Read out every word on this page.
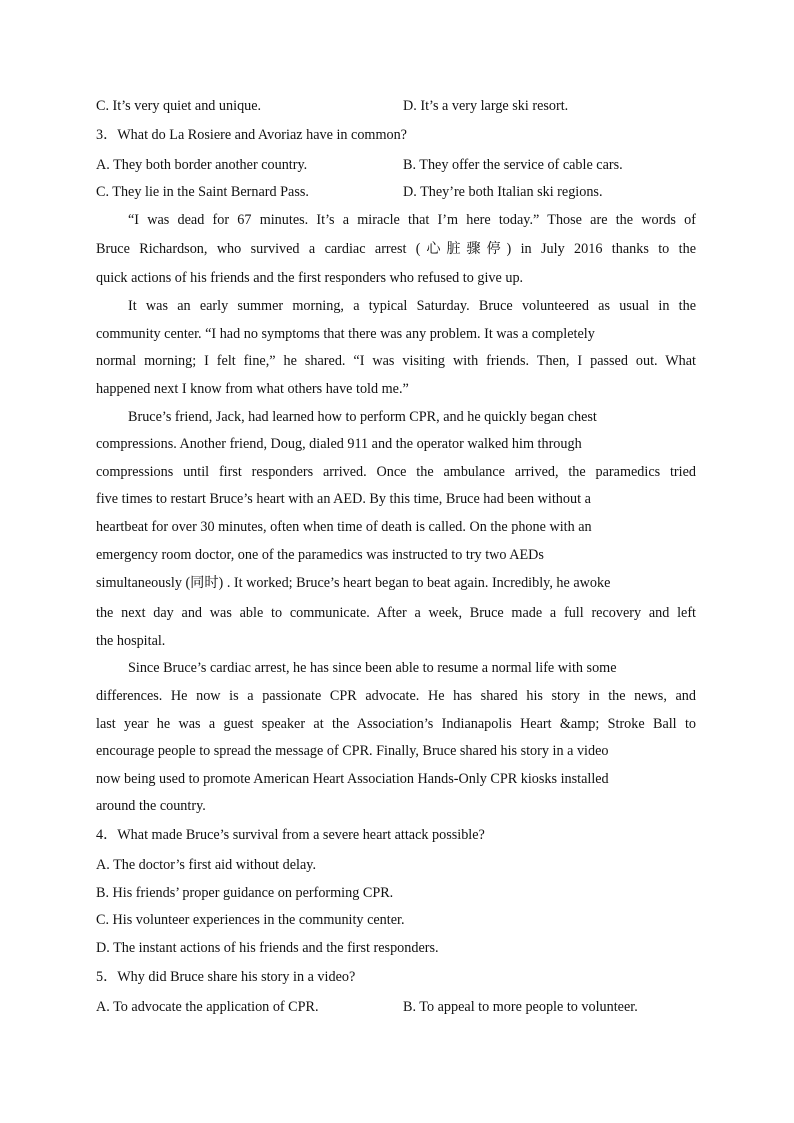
C. It’s very quiet and unique.	D. It’s a very large ski resort.
3．What do La Rosiere and Avoriaz have in common?
A. They both border another country.	B. They offer the service of cable cars.
C. They lie in the Saint Bernard Pass.	D. They’re both Italian ski regions.
“I was dead for 67 minutes. It’s a miracle that I’m here today.” Those are the words of
Bruce Richardson, who survived a cardiac arrest (心脏骤停) in July 2016 thanks to the
quick actions of his friends and the first responders who refused to give up.
It was an early summer morning, a typical Saturday. Bruce volunteered as usual in the
community center. “I had no symptoms that there was any problem. It was a completely
normal morning; I felt fine,” he shared. “I was visiting with friends. Then, I passed out. What
happened next I know from what others have told me.”
Bruce’s friend, Jack, had learned how to perform CPR, and he quickly began chest
compressions. Another friend, Doug, dialed 911 and the operator walked him through
compressions until first responders arrived. Once the ambulance arrived, the paramedics tried
five times to restart Bruce’s heart with an AED. By this time, Bruce had been without a
heartbeat for over 30 minutes, often when time of death is called. On the phone with an
emergency room doctor, one of the paramedics was instructed to try two AEDs
simultaneously (同时) . It worked; Bruce’s heart began to beat again. Incredibly, he awoke
the next day and was able to communicate. After a week, Bruce made a full recovery and left
the hospital.
Since Bruce’s cardiac arrest, he has since been able to resume a normal life with some
differences. He now is a passionate CPR advocate. He has shared his story in the news, and
last year he was a guest speaker at the Association’s Indianapolis Heart &amp; Stroke Ball to
encourage people to spread the message of CPR. Finally, Bruce shared his story in a video
now being used to promote American Heart Association Hands-Only CPR kiosks installed
around the country.
4．What made Bruce’s survival from a severe heart attack possible?
A. The doctor’s first aid without delay.
B. His friends’ proper guidance on performing CPR.
C. His volunteer experiences in the community center.
D. The instant actions of his friends and the first responders.
5．Why did Bruce share his story in a video?
A. To advocate the application of CPR.	B. To appeal to more people to volunteer.
